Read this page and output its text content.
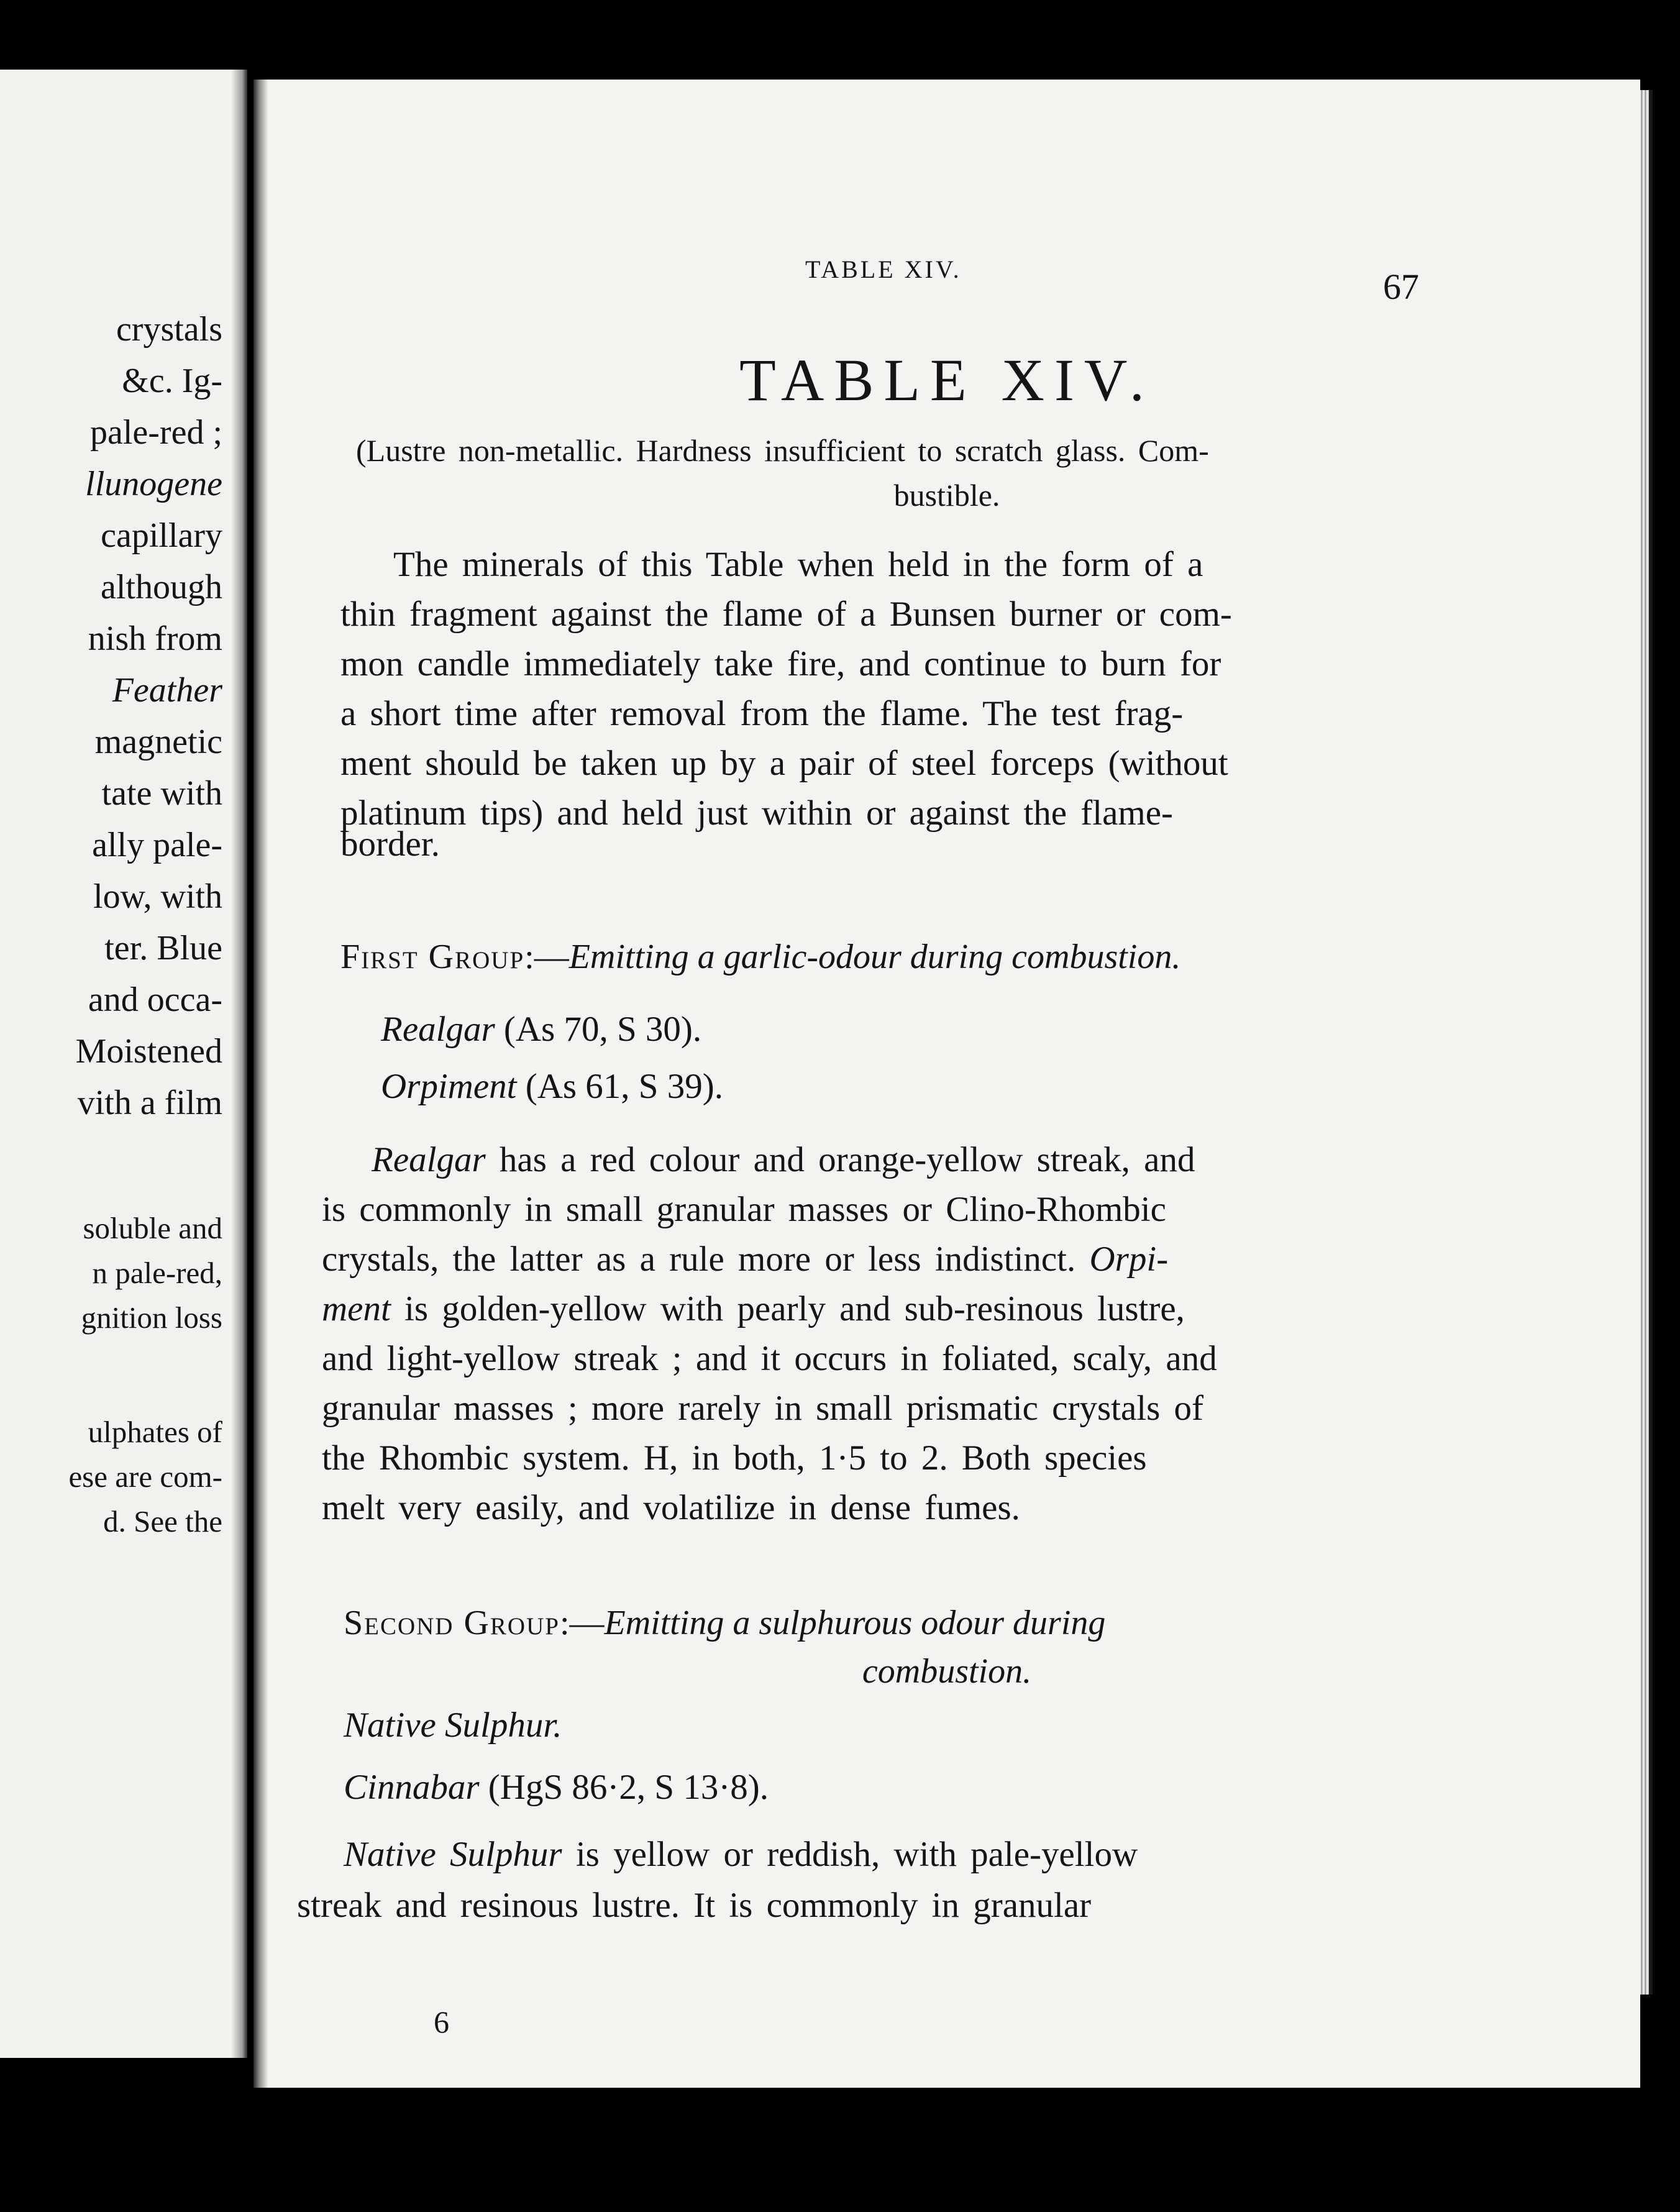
crystals
&c. Ig-
pale-red ;
llunogene
capillary
although
nish from
Feather
magnetic
tate with
ally pale-
low, with
ter. Blue
and occa-
Moistened
vith a film
soluble and
n pale-red,
gnition loss
ulphates of
ese are com-
d. See the
TABLE XIV.	67
TABLE XIV.
(Lustre non-metallic. Hardness insufficient to scratch glass. Com-
bustible.
The minerals of this Table when held in the form of a
thin fragment against the flame of a Bunsen burner or com-
mon candle immediately take fire, and continue to burn for
a short time after removal from the flame. The test frag-
ment should be taken up by a pair of steel forceps (without
platinum tips) and held just within or against the flame-
border.
First Group:—Emitting a garlic-odour during combustion.
Realgar (As 70, S 30).
Orpiment (As 61, S 39).
Realgar has a red colour and orange-yellow streak, and
is commonly in small granular masses or Clino-Rhombic
crystals, the latter as a rule more or less indistinct. Orpi-
ment is golden-yellow with pearly and sub-resinous lustre,
and light-yellow streak ; and it occurs in foliated, scaly, and
granular masses ; more rarely in small prismatic crystals of
the Rhombic system. H, in both, 1·5 to 2. Both species
melt very easily, and volatilize in dense fumes.
Second Group:—Emitting a sulphurous odour during
combustion.
Native Sulphur.
Cinnabar (HgS 86·2, S 13·8).
Native Sulphur is yellow or reddish, with pale-yellow
streak and resinous lustre. It is commonly in granular
6
